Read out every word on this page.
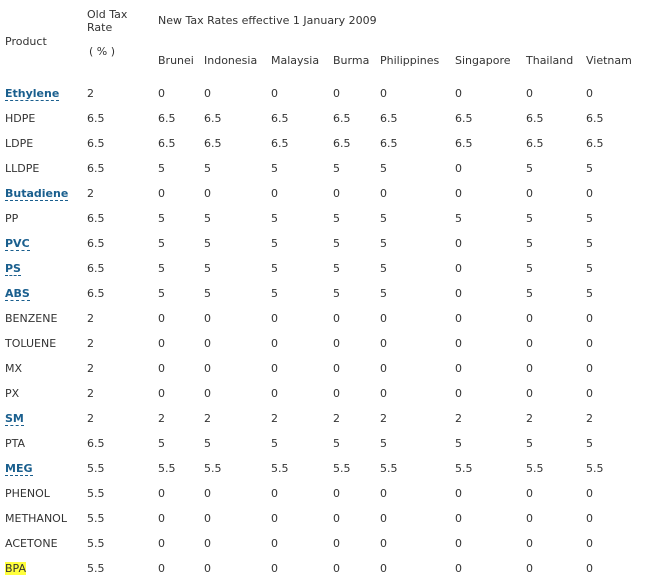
Product
Old Tax
Rate
( % )
New Tax Rates effective 1 January 2009
Brunei Indonesia Malaysia Burma Philippines Singapore Thailand Vietnam
Ethylene	2	0	0	0	0	0	0	0	0
HDPE	6.5	6.5	6.5	6.5	6.5	6.5	6.5	6.5	6.5
LDPE	6.5	6.5	6.5	6.5	6.5	6.5	6.5	6.5	6.5
LLDPE	6.5	5	5	5	5	5	0	5	5
Butadiene 2	0	0	0	0	0	0	0	0
PP	6.5	5	5	5	5	5	5	5	5
PVC	6.5	5	5	5	5	5	0	5	5
PS	6.5	5	5	5	5	5	0	5	5
ABS	6.5	5	5	5	5	5	0	5	5
BENZENE	2	0	0	0	0	0	0	0	0
TOLUENE	2	0	0	0	0	0	0	0	0
MX	2	0	0	0	0	0	0	0	0
PX	2	0	0	0	0	0	0	0	0
SM	2	2	2	2	2	2	2	2	2
PTA	6.5	5	5	5	5	5	5	5	5
MEG	5.5	5.5	5.5	5.5	5.5	5.5	5.5	5.5	5.5
PHENOL	5.5	0	0	0	0	0	0	0	0
METHANOL 5.5	0	0	0	0	0	0	0	0
ACETONE	5.5	0	0	0	0	0	0	0	0
BPA	5.5	0	0	0	0	0	0	0	0
